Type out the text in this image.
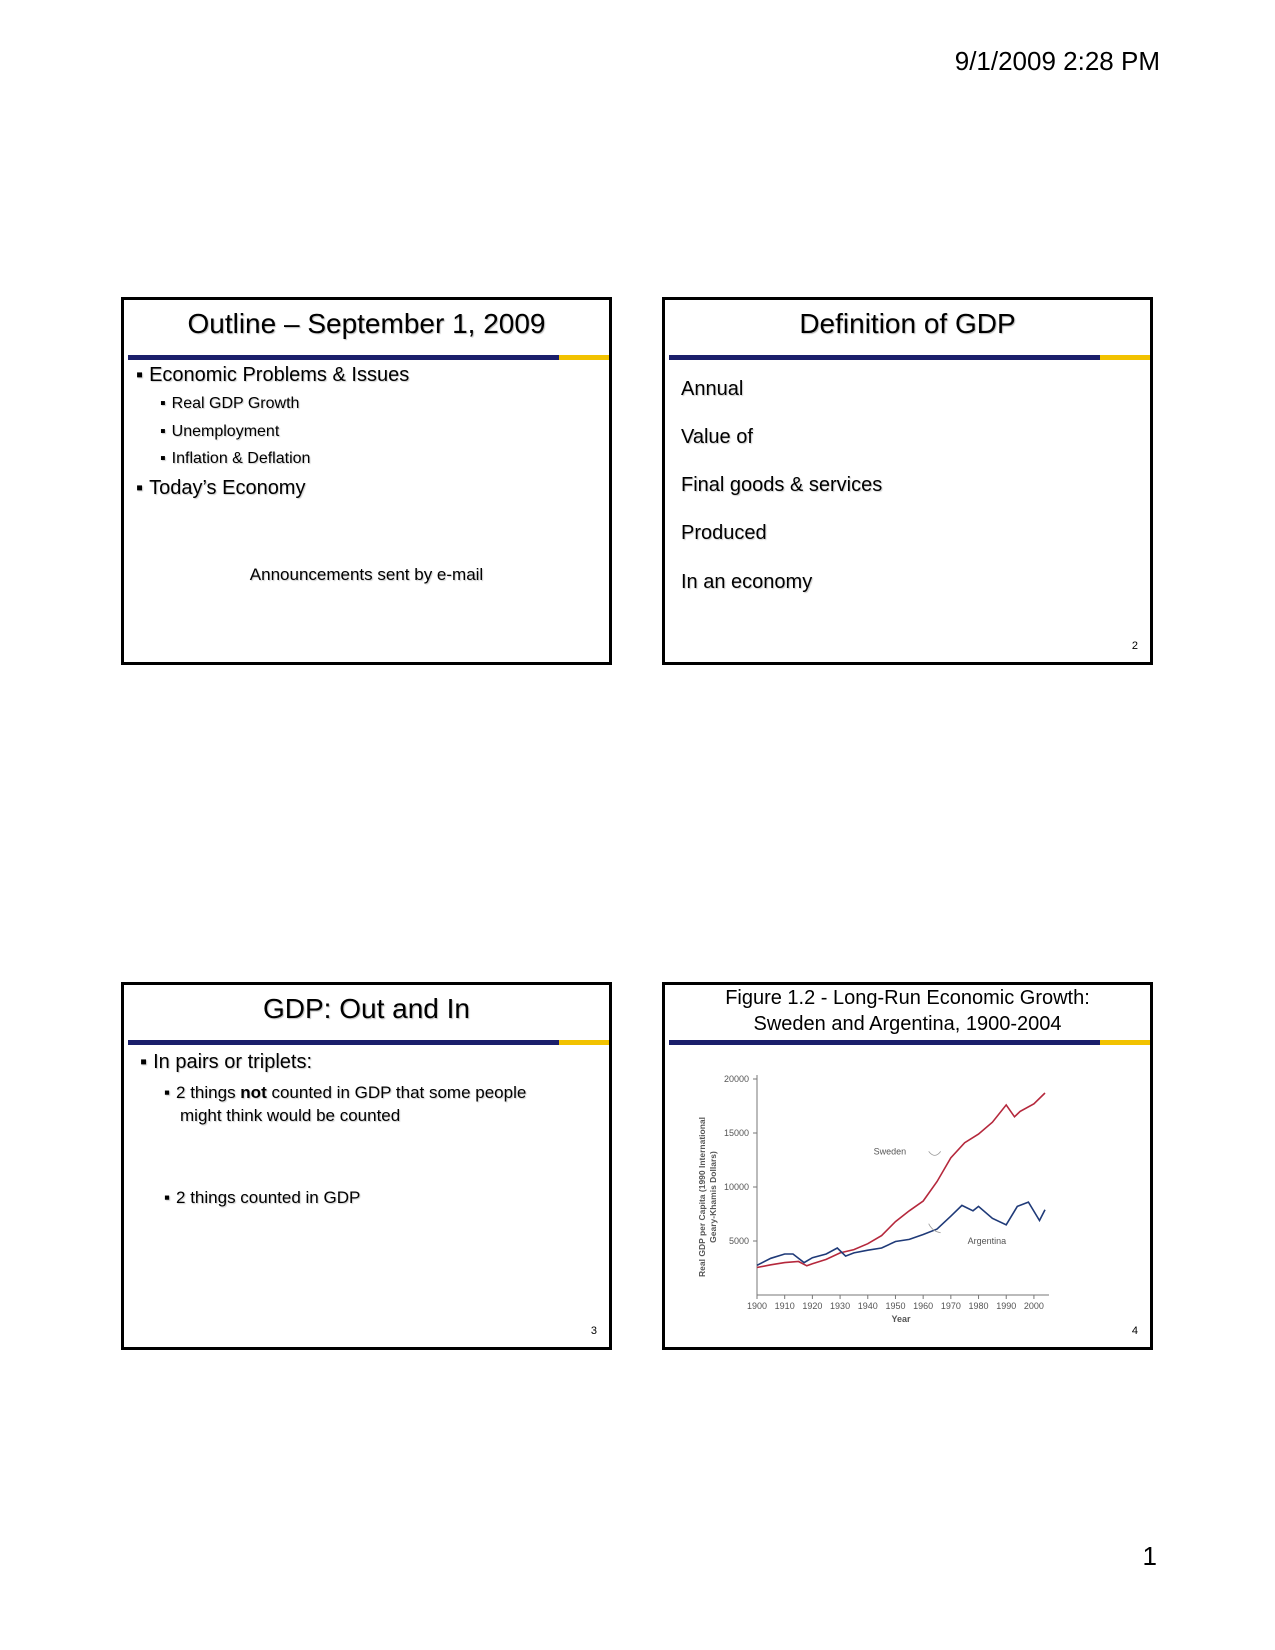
9/1/2009 2:28 PM
Outline – September 1, 2009
▪ Economic Problems & Issues
▪ Real GDP Growth
▪ Unemployment
▪ Inflation & Deflation
▪ Today’s Economy
Announcements sent by e-mail
Definition of GDP
Annual
Value of
Final goods & services
Produced
In an economy
2
GDP: Out and In
▪ In pairs or triplets:
▪ 2 things not counted in GDP that some people
might think would be counted
▪ 2 things counted in GDP
3
Figure 1.2 - Long-Run Economic Growth:
Sweden and Argentina, 1900-2004
5000
10000
15000
20000
1900 1910 1920 1930 1940 1950 1960 1970 1980 1990 2000
Year
Real GDP per Capita (1990 International Geary-Khamis Dollars)	Sweden
Argentina
4
1
